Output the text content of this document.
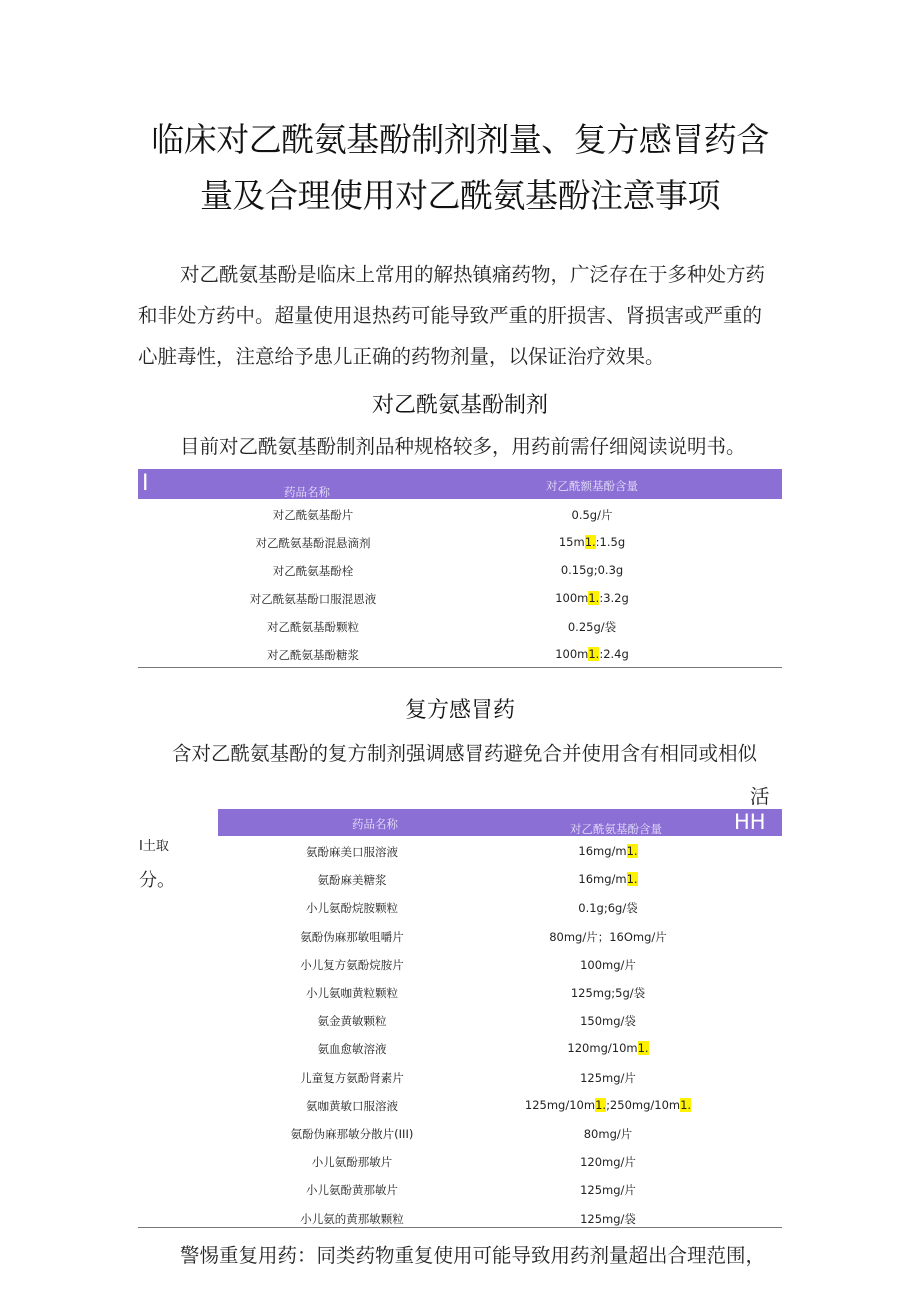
临床对乙酰氨基酚制剂剂量、复方感冒药含
量及合理使用对乙酰氨基酚注意事项
对乙酰氨基酚是临床上常用的解热镇痛药物，广泛存在于多种处方药
和非处方药中。超量使用退热药可能导致严重的肝损害、肾损害或严重的
心脏毒性，注意给予患儿正确的药物剂量，以保证治疗效果。
对乙酰氨基酚制剂
目前对乙酰氨基酚制剂品种规格较多，用药前需仔细阅读说明书。
I	药品名称	对乙酰额基酚含量
对乙酰氨基酚片	0.5g/片
对乙酰氨基酚混悬滴剂	15m1.:1.5g
对乙酰氨基酚栓	0.15g;0.3g
对乙酰氨基酚口服混恩液	100m1.:3.2g
对乙酰氨基酚颗粒	0.25g/袋
对乙酰氨基酚糖浆	100m1.:2.4g
复方感冒药
含对乙酰氨基酚的复方制剂强调感冒药避免合并使用含有相同或相似
活
I土取
分。
药品名称	对乙酰氨基酚含量	HH
氨酚麻美口服溶液	16mg/m1.
氨酚麻美糖浆	16mg/m1.
小儿氨酚烷胺颗粒	0.1g;6g/袋
氨酚伪麻那敏咀嚼片	80mg/片；16Omg/片
小儿复方氨酚烷胺片	100mg/片
小儿氨咖黄粒颗粒	125mg;5g/袋
氨金黄敏颗粒	150mg/袋
氨血愈敏溶液	120mg/10m1.
儿童复方氨酚肾素片	125mg/片
氨咖黄敏口服溶液	125mg/10m1.;250mg/10m1.
氨酚伪麻那敏分散片(III)	80mg/片
小儿氨酚那敏片	120mg/片
小儿氨酚黄那敏片	125mg/片
小儿氨的黄那敏颗粒	125mg/袋
警惕重复用药：同类药物重复使用可能导致用药剂量超出合理范围，
